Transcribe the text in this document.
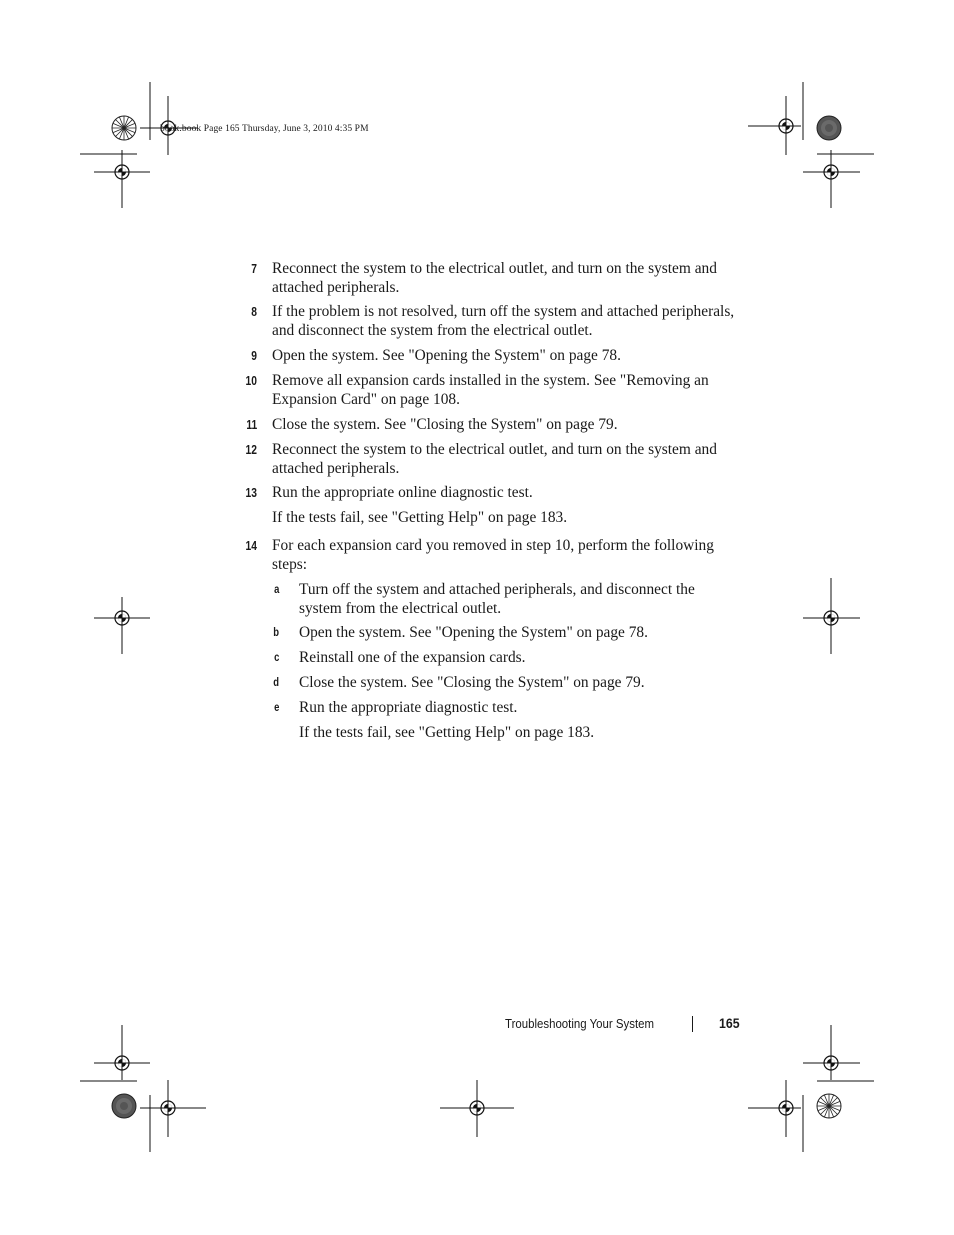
book.book Page 165 Thursday, June 3, 2010 4:35 PM
7 Reconnect the system to the electrical outlet, and turn on the system and attached peripherals.
8 If the problem is not resolved, turn off the system and attached peripherals, and disconnect the system from the electrical outlet.
9 Open the system. See "Opening the System" on page 78.
10 Remove all expansion cards installed in the system. See "Removing an Expansion Card" on page 108.
11 Close the system. See "Closing the System" on page 79.
12 Reconnect the system to the electrical outlet, and turn on the system and attached peripherals.
13 Run the appropriate online diagnostic test.
If the tests fail, see "Getting Help" on page 183.
14 For each expansion card you removed in step 10, perform the following steps:
a Turn off the system and attached peripherals, and disconnect the system from the electrical outlet.
b Open the system. See "Opening the System" on page 78.
c Reinstall one of the expansion cards.
d Close the system. See "Closing the System" on page 79.
e Run the appropriate diagnostic test.
If the tests fail, see "Getting Help" on page 183.
Troubleshooting Your System	165
